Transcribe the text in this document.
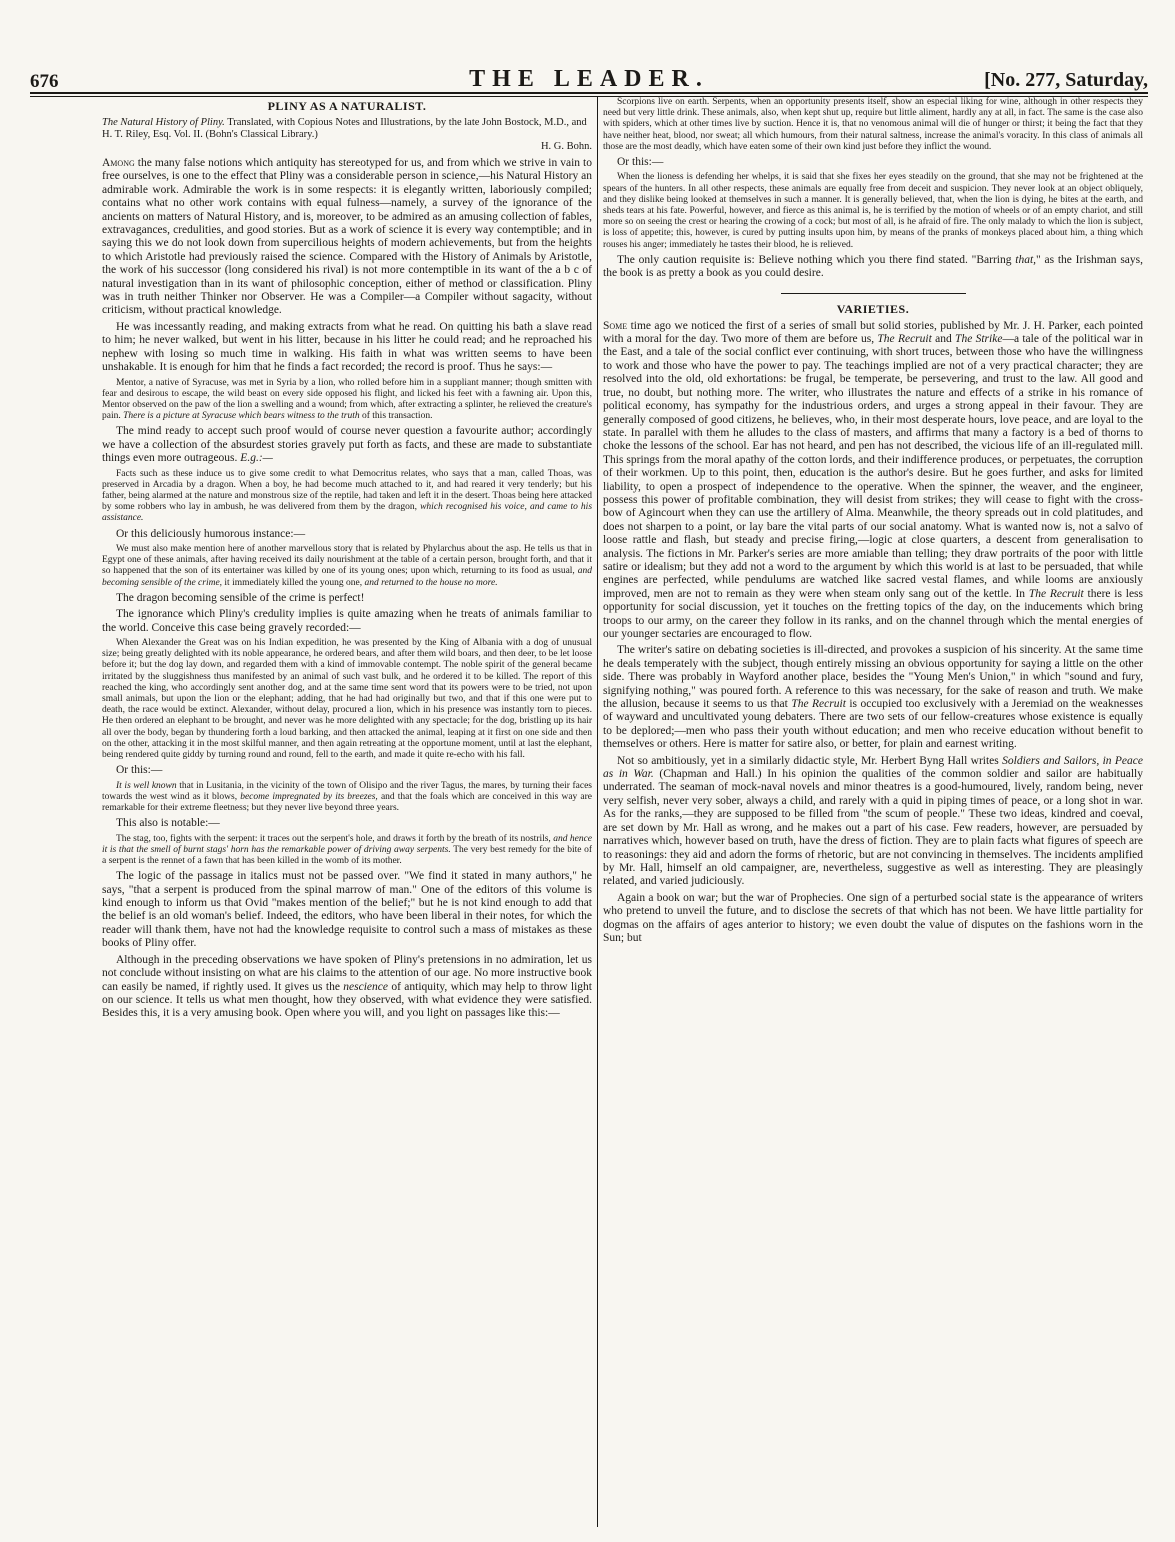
676	THE LEADER.	[No. 277, Saturday,
PLINY AS A NATURALIST.
The Natural History of Pliny. Translated, with Copious Notes and Illustrations, by the late John Bostock, M.D., and H. T. Riley, Esq. Vol. II. (Bohn's Classical Library.)
H. G. Bohn.

Among the many false notions which antiquity has stereotyped for us, and from which we strive in vain to free ourselves, is one to the effect that Pliny was a considerable person in science,—his Natural History an admirable work. Admirable the work is in some respects: it is elegantly written, laboriously compiled; contains what no other work contains with equal fulness—namely, a survey of the ignorance of the ancients on matters of Natural History, and is, moreover, to be admired as an amusing collection of fables, extravagances, credulities, and good stories. But as a work of science it is every way contemptible; and in saying this we do not look down from supercilious heights of modern achievements, but from the heights to which Aristotle had previously raised the science. Compared with the History of Animals by Aristotle, the work of his successor (long considered his rival) is not more contemptible in its want of the a b c of natural investigation than in its want of philosophic conception, either of method or classification. Pliny was in truth neither Thinker nor Observer. He was a Compiler—a Compiler without sagacity, without criticism, without practical knowledge.

He was incessantly reading, and making extracts from what he read. On quitting his bath a slave read to him; he never walked, but went in his litter, because in his litter he could read; and he reproached his nephew with losing so much time in walking. His faith in what was written seems to have been unshakable. It is enough for him that he finds a fact recorded; the record is proof. Thus he says:—

Mentor, a native of Syracuse, was met in Syria by a lion, who rolled before him in a suppliant manner; though smitten with fear and desirous to escape, the wild beast on every side opposed his flight, and licked his feet with a fawning air. Upon this, Mentor observed on the paw of the lion a swelling and a wound; from which, after extracting a splinter, he relieved the creature's pain. There is a picture at Syracuse which bears witness to the truth of this transaction.

The mind ready to accept such proof would of course never question a favourite author; accordingly we have a collection of the absurdest stories gravely put forth as facts, and these are made to substantiate things even more outrageous. E.g.:—

Facts such as these induce us to give some credit to what Democritus relates, who says that a man, called Thoas, was preserved in Arcadia by a dragon. When a boy, he had become much attached to it, and had reared it very tenderly; but his father, being alarmed at the nature and monstrous size of the reptile, had taken and left it in the desert. Thoas being here attacked by some robbers who lay in ambush, he was delivered from them by the dragon, which recognised his voice, and came to his assistance.

Or this deliciously humorous instance:—

We must also make mention here of another marvellous story that is related by Phylarchus about the asp. He tells us that in Egypt one of these animals, after having received its daily nourishment at the table of a certain person, brought forth, and that it so happened that the son of its entertainer was killed by one of its young ones; upon which, returning to its food as usual, and becoming sensible of the crime, it immediately killed the young one, and returned to the house no more.

The dragon becoming sensible of the crime is perfect!

The ignorance which Pliny's credulity implies is quite amazing when he treats of animals familiar to the world. Conceive this case being gravely recorded:—

When Alexander the Great was on his Indian expedition, he was presented by the King of Albania with a dog of unusual size; being greatly delighted with its noble appearance, he ordered bears, and after them wild boars, and then deer, to be let loose before it; but the dog lay down, and regarded them with a kind of immovable contempt. The noble spirit of the general became irritated by the sluggishness thus manifested by an animal of such vast bulk, and he ordered it to be killed. The report of this reached the king, who accordingly sent another dog, and at the same time sent word that its powers were to be tried, not upon small animals, but upon the lion or the elephant; adding, that he had had originally but two, and that if this one were put to death, the race would be extinct. Alexander, without delay, procured a lion, which in his presence was instantly torn to pieces. He then ordered an elephant to be brought, and never was he more delighted with any spectacle; for the dog, bristling up its hair all over the body, began by thundering forth a loud barking, and then attacked the animal, leaping at it first on one side and then on the other, attacking it in the most skilful manner, and then again retreating at the opportune moment, until at last the elephant, being rendered quite giddy by turning round and round, fell to the earth, and made it quite re-echo with his fall.

Or this:—

It is well known that in Lusitania, in the vicinity of the town of Olisipo and the river Tagus, the mares, by turning their faces towards the west wind as it blows, become impregnated by its breezes, and that the foals which are conceived in this way are remarkable for their extreme fleetness; but they never live beyond three years.

This also is notable:—

The stag, too, fights with the serpent: it traces out the serpent's hole, and draws it forth by the breath of its nostrils, and hence it is that the smell of burnt stags' horn has the remarkable power of driving away serpents. The very best remedy for the bite of a serpent is the rennet of a fawn that has been killed in the womb of its mother.

The logic of the passage in italics must not be passed over. "We find it stated in many authors," he says, "that a serpent is produced from the spinal marrow of man." One of the editors of this volume is kind enough to inform us that Ovid "makes mention of the belief;" but he is not kind enough to add that the belief is an old woman's belief. Indeed, the editors, who have been liberal in their notes, for which the reader will thank them, have not had the knowledge requisite to control such a mass of mistakes as these books of Pliny offer.

Although in the preceding observations we have spoken of Pliny's pretensions in no admiration, let us not conclude without insisting on what are his claims to the attention of our age. No more instructive book can easily be named, if rightly used. It gives us the nescience of antiquity, which may help to throw light on our science. It tells us what men thought, how they observed, with what evidence they were satisfied. Besides this, it is a very amusing book. Open where you will, and you light on passages like this:—

Scorpions live on earth. Serpents, when an opportunity presents itself, show an especial liking for wine, although in other respects they need but very little drink. These animals, also, when kept shut up, require but little aliment, hardly any at all, in fact. The same is the case also with spiders, which at other times live by suction. Hence it is, that no venomous animal will die of hunger or thirst; it being the fact that they have neither heat, blood, nor sweat; all which humours, from their natural saltness, increase the animal's voracity. In this class of animals all those are the most deadly, which have eaten some of their own kind just before they inflict the wound.

Or this:—

When the lioness is defending her whelps, it is said that she fixes her eyes steadily on the ground, that she may not be frightened at the spears of the hunters. In all other respects, these animals are equally free from deceit and suspicion. They never look at an object obliquely, and they dislike being looked at themselves in such a manner. It is generally believed, that, when the lion is dying, he bites at the earth, and sheds tears at his fate. Powerful, however, and fierce as this animal is, he is terrified by the motion of wheels or of an empty chariot, and still more so on seeing the crest or hearing the crowing of a cock; but most of all, is he afraid of fire. The only malady to which the lion is subject, is loss of appetite; this, however, is cured by putting insults upon him, by means of the pranks of monkeys placed about him, a thing which rouses his anger; immediately he tastes their blood, he is relieved.

The only caution requisite is: Believe nothing which you there find stated. "Barring that," as the Irishman says, the book is as pretty a book as you could desire.

VARIETIES.

Some time ago we noticed the first of a series of small but solid stories, published by Mr. J. H. Parker, each pointed with a moral for the day. Two more of them are before us, The Recruit and The Strike—a tale of the political war in the East, and a tale of the social conflict ever continuing, with short truces, between those who have the willingness to work and those who have the power to pay. The teachings implied are not of a very practical character; they are resolved into the old, old exhortations: be frugal, be temperate, be persevering, and trust to the law. All good and true, no doubt, but nothing more. The writer, who illustrates the nature and effects of a strike in his romance of political economy, has sympathy for the industrious orders, and urges a strong appeal in their favour. They are generally composed of good citizens, he believes, who, in their most desperate hours, love peace, and are loyal to the state. In parallel with them he alludes to the class of masters, and affirms that many a factory is a bed of thorns to choke the lessons of the school. Ear has not heard, and pen has not described, the vicious life of an ill-regulated mill. This springs from the moral apathy of the cotton lords, and their indifference produces, or perpetuates, the corruption of their workmen. Up to this point, then, education is the author's desire. But he goes further, and asks for limited liability, to open a prospect of independence to the operative. When the spinner, the weaver, and the engineer, possess this power of profitable combination, they will desist from strikes; they will cease to fight with the cross-bow of Agincourt when they can use the artillery of Alma. Meanwhile, the theory spreads out in cold platitudes, and does not sharpen to a point, or lay bare the vital parts of our social anatomy. What is wanted now is, not a salvo of loose rattle and flash, but steady and precise firing,—logic at close quarters, a descent from generalisation to analysis. The fictions in Mr. Parker's series are more amiable than telling; they draw portraits of the poor with little satire or idealism; but they add not a word to the argument by which this world is at last to be persuaded, that while engines are perfected, while pendulums are watched like sacred vestal flames, and while looms are anxiously improved, men are not to remain as they were when steam only sang out of the kettle. In The Recruit there is less opportunity for social discussion, yet it touches on the fretting topics of the day, on the inducements which bring troops to our army, on the career they follow in its ranks, and on the channel through which the mental energies of our younger sectaries are encouraged to flow.

The writer's satire on debating societies is ill-directed, and provokes a suspicion of his sincerity. At the same time he deals temperately with the subject, though entirely missing an obvious opportunity for saying a little on the other side. There was probably in Wayford another place, besides the "Young Men's Union," in which "sound and fury, signifying nothing," was poured forth. A reference to this was necessary, for the sake of reason and truth. We make the allusion, because it seems to us that The Recruit is occupied too exclusively with a Jeremiad on the weaknesses of wayward and uncultivated young debaters. There are two sets of our fellow-creatures whose existence is equally to be deplored;—men who pass their youth without education; and men who receive education without benefit to themselves or others. Here is matter for satire also, or better, for plain and earnest writing.

Not so ambitiously, yet in a similarly didactic style, Mr. Herbert Byng Hall writes Soldiers and Sailors, in Peace as in War. (Chapman and Hall.) In his opinion the qualities of the common soldier and sailor are habitually underrated. The seaman of mock-naval novels and minor theatres is a good-humoured, lively, random being, never very selfish, never very sober, always a child, and rarely with a quid in piping times of peace, or a long shot in war. As for the ranks,—they are supposed to be filled from "the scum of people." These two ideas, kindred and coeval, are set down by Mr. Hall as wrong, and he makes out a part of his case. Few readers, however, are persuaded by narratives which, however based on truth, have the dress of fiction. They are to plain facts what figures of speech are to reasonings: they aid and adorn the forms of rhetoric, but are not convincing in themselves. The incidents amplified by Mr. Hall, himself an old campaigner, are, nevertheless, suggestive as well as interesting. They are pleasingly related, and varied judiciously.

Again a book on war; but the war of Prophecies. One sign of a perturbed social state is the appearance of writers who pretend to unveil the future, and to disclose the secrets of that which has not been. We have little partiality for dogmas on the affairs of ages anterior to history; we even doubt the value of disputes on the fashions worn in the Sun; but
